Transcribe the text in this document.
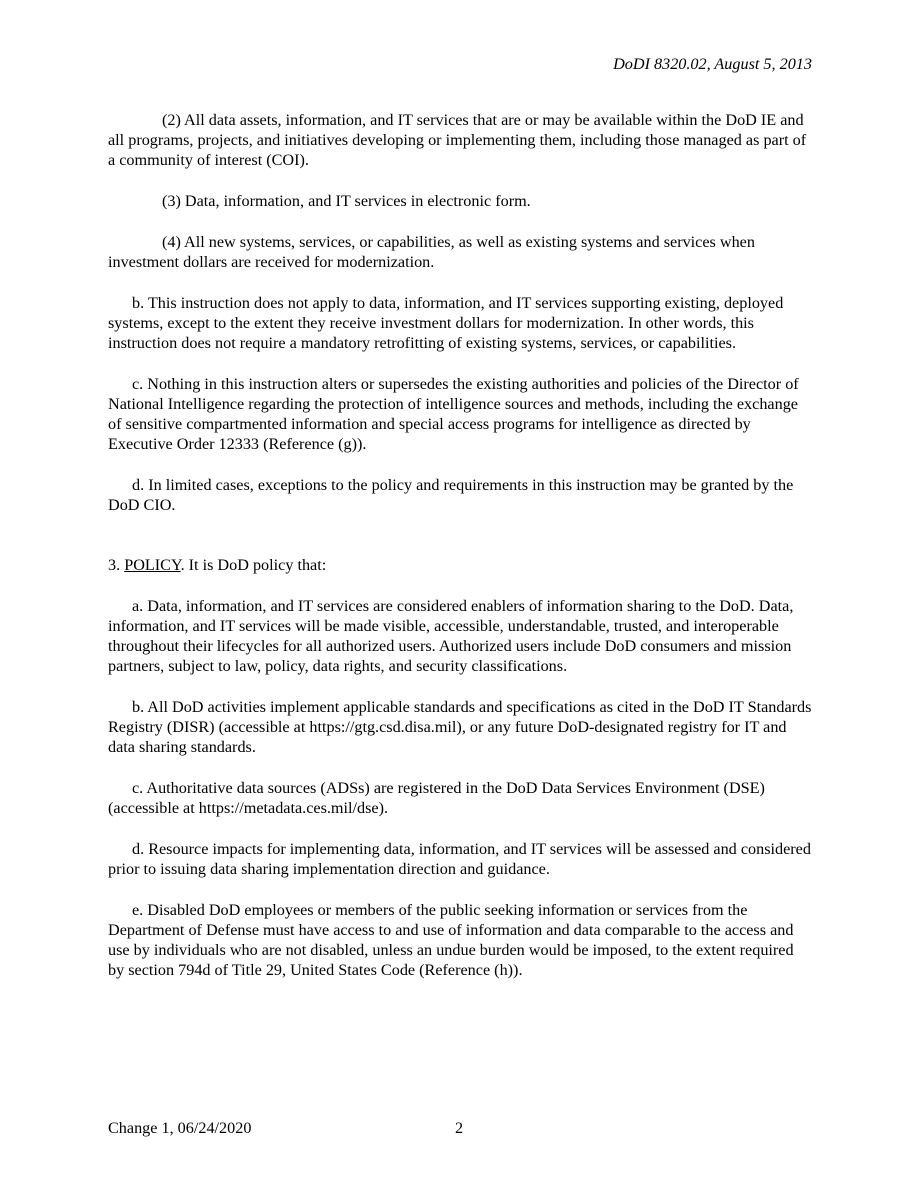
DoDI 8320.02, August 5, 2013

(2) All data assets, information, and IT services that are or may be available within the DoD IE and all programs, projects, and initiatives developing or implementing them, including those managed as part of a community of interest (COI).

(3) Data, information, and IT services in electronic form.

(4) All new systems, services, or capabilities, as well as existing systems and services when investment dollars are received for modernization.

b. This instruction does not apply to data, information, and IT services supporting existing, deployed systems, except to the extent they receive investment dollars for modernization. In other words, this instruction does not require a mandatory retrofitting of existing systems, services, or capabilities.

c. Nothing in this instruction alters or supersedes the existing authorities and policies of the Director of National Intelligence regarding the protection of intelligence sources and methods, including the exchange of sensitive compartmented information and special access programs for intelligence as directed by Executive Order 12333 (Reference (g)).

d. In limited cases, exceptions to the policy and requirements in this instruction may be granted by the DoD CIO.

3. POLICY. It is DoD policy that:

a. Data, information, and IT services are considered enablers of information sharing to the DoD. Data, information, and IT services will be made visible, accessible, understandable, trusted, and interoperable throughout their lifecycles for all authorized users. Authorized users include DoD consumers and mission partners, subject to law, policy, data rights, and security classifications.

b. All DoD activities implement applicable standards and specifications as cited in the DoD IT Standards Registry (DISR) (accessible at https://gtg.csd.disa.mil), or any future DoD-designated registry for IT and data sharing standards.

c. Authoritative data sources (ADSs) are registered in the DoD Data Services Environment (DSE) (accessible at https://metadata.ces.mil/dse).

d. Resource impacts for implementing data, information, and IT services will be assessed and considered prior to issuing data sharing implementation direction and guidance.

e. Disabled DoD employees or members of the public seeking information or services from the Department of Defense must have access to and use of information and data comparable to the access and use by individuals who are not disabled, unless an undue burden would be imposed, to the extent required by section 794d of Title 29, United States Code (Reference (h)).

Change 1, 06/24/2020	2
